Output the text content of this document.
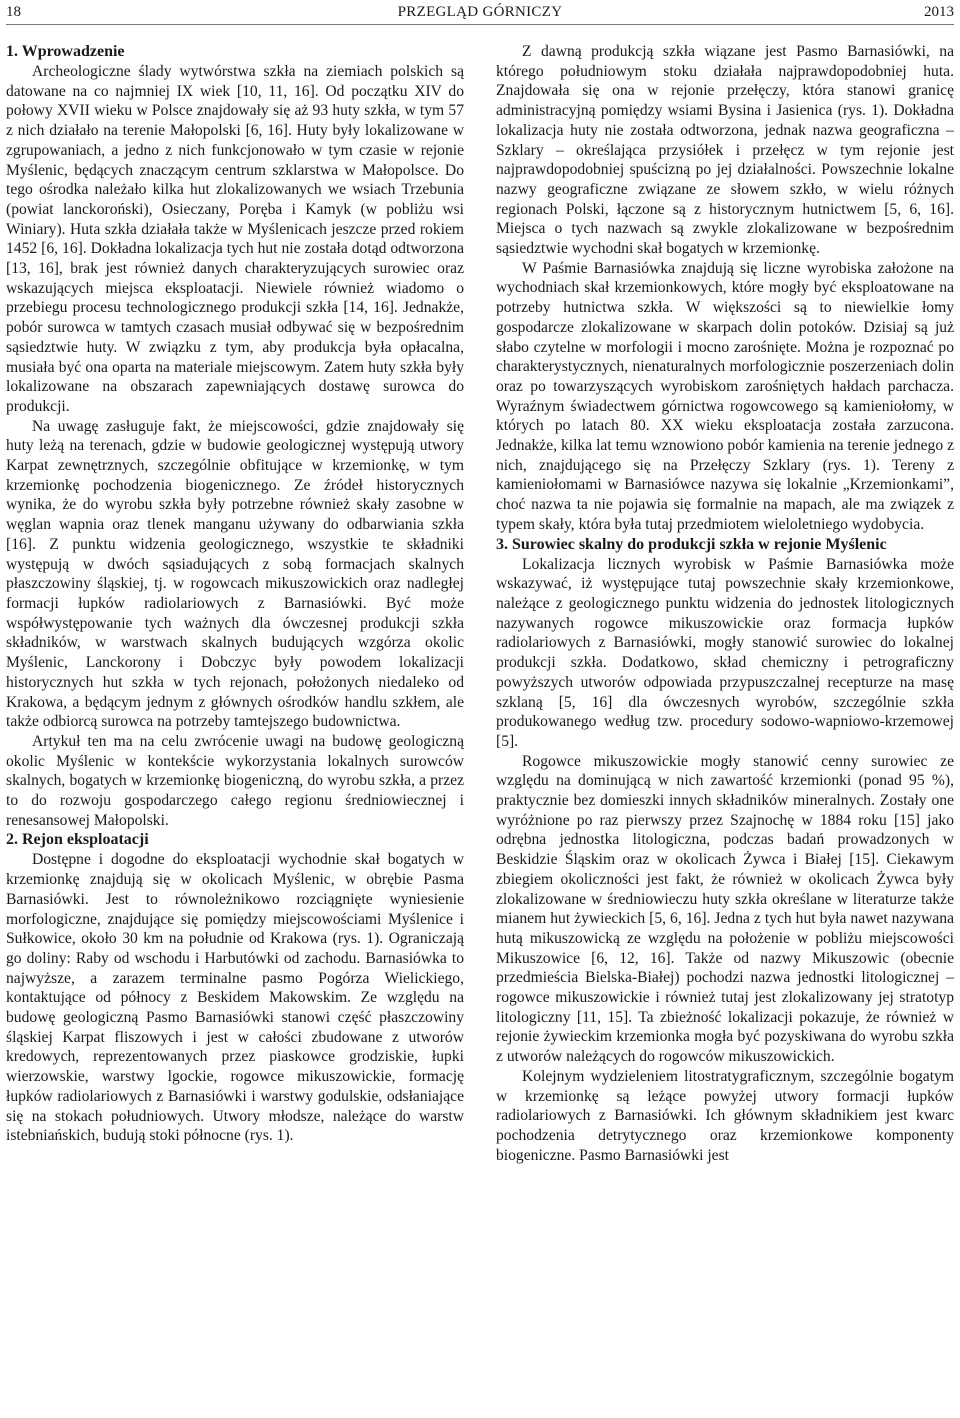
18	PRZEGLĄD GÓRNICZY	2013
1. Wprowadzenie

Archeologiczne ślady wytwórstwa szkła na ziemiach polskich są datowane na co najmniej IX wiek [10, 11, 16]. Od początku XIV do połowy XVII wieku w Polsce znajdowały się aż 93 huty szkła, w tym 57 z nich działało na terenie Małopolski [6, 16]. Huty były lokalizowane w zgrupowaniach, a jedno z nich funkcjonowało w tym czasie w rejonie Myślenic, będących znaczącym centrum szklarstwa w Małopolsce. Do tego ośrodka należało kilka hut zlokalizowanych we wsiach Trzebunia (powiat lanckoroński), Osieczany, Poręba i Kamyk (w pobliżu wsi Winiary). Huta szkła działała także w Myślenicach jeszcze przed rokiem 1452 [6, 16]. Dokładna lokalizacja tych hut nie została dotąd odtworzona [13, 16], brak jest również danych charakteryzujących surowiec oraz wskazujących miejsca eksploatacji. Niewiele również wiadomo o przebiegu procesu technologicznego produkcji szkła [14, 16]. Jednakże, pobór surowca w tamtych czasach musiał odbywać się w bezpośrednim sąsiedztwie huty. W związku z tym, aby produkcja była opłacalna, musiała być ona oparta na materiale miejscowym. Zatem huty szkła były lokalizowane na obszarach zapewniających dostawę surowca do produkcji.

Na uwagę zasługuje fakt, że miejscowości, gdzie znajdowały się huty leżą na terenach, gdzie w budowie geologicznej występują utwory Karpat zewnętrznych, szczególnie obfitujące w krzemionkę, w tym krzemionkę pochodzenia biogenicznego. Ze źródeł historycznych wynika, że do wyrobu szkła były potrzebne również skały zasobne w węglan wapnia oraz tlenek manganu używany do odbarwiania szkła [16]. Z punktu widzenia geologicznego, wszystkie te składniki występują w dwóch sąsiadujących z sobą formacjach skalnych płaszczowiny śląskiej, tj. w rogowcach mikuszowickich oraz nadległej formacji łupków radiolariowych z Barnasiówki. Być może współwystępowanie tych ważnych dla ówczesnej produkcji szkła składników, w warstwach skalnych budujących wzgórza okolic Myślenic, Lanckorony i Dobczyc były powodem lokalizacji historycznych hut szkła w tych rejonach, położonych niedaleko od Krakowa, a będącym jednym z głównych ośrodków handlu szkłem, ale także odbiorcą surowca na potrzeby tamtejszego budownictwa.

Artykuł ten ma na celu zwrócenie uwagi na budowę geologiczną okolic Myślenic w kontekście wykorzystania lokalnych surowców skalnych, bogatych w krzemionkę biogeniczną, do wyrobu szkła, a przez to do rozwoju gospodarczego całego regionu średniowiecznej i renesansowej Małopolski.

2. Rejon eksploatacji

Dostępne i dogodne do eksploatacji wychodnie skał bogatych w krzemionkę znajdują się w okolicach Myślenic, w obrębie Pasma Barnasiówki. Jest to równoleżnikowo rozciągnięte wyniesienie morfologiczne, znajdujące się pomiędzy miejscowościami Myślenice i Sułkowice, około 30 km na południe od Krakowa (rys. 1). Ograniczają go doliny: Raby od wschodu i Harbutówki od zachodu. Barnasiówka to najwyższe, a zarazem terminalne pasmo Pogórza Wielickiego, kontaktujące od północy z Beskidem Makowskim. Ze względu na budowę geologiczną Pasmo Barnasiówki stanowi część płaszczowiny śląskiej Karpat fliszowych i jest w całości zbudowane z utworów kredowych, reprezentowanych przez piaskowce grodziskie, łupki wierzowskie, warstwy lgockie, rogowce mikuszowickie, formację łupków radiolariowych z Barnasiówki i warstwy godulskie, odsłaniające się na stokach południowych. Utwory młodsze, należące do warstw istebniańskich, budują stoki północne (rys. 1).

Z dawną produkcją szkła wiązane jest Pasmo Barnasiówki, na którego południowym stoku działała najprawdopodobniej huta. Znajdowała się ona w rejonie przełęczy, która stanowi granicę administracyjną pomiędzy wsiami Bysina i Jasienica (rys. 1). Dokładna lokalizacja huty nie została odtworzona, jednak nazwa geograficzna – Szklary – określająca przysiółek i przełęcz w tym rejonie jest najprawdopodobniej spuścizną po jej działalności. Powszechnie lokalne nazwy geograficzne związane ze słowem szkło, w wielu różnych regionach Polski, łączone są z historycznym hutnictwem [5, 6, 16]. Miejsca o tych nazwach są zwykle zlokalizowane w bezpośrednim sąsiedztwie wychodni skał bogatych w krzemionkę.

W Paśmie Barnasiówka znajdują się liczne wyrobiska założone na wychodniach skał krzemionkowych, które mogły być eksploatowane na potrzeby hutnictwa szkła. W większości są to niewielkie łomy gospodarcze zlokalizowane w skarpach dolin potoków. Dzisiaj są już słabo czytelne w morfologii i mocno zarośnięte. Można je rozpoznać po charakterystycznych, nienaturalnych morfologicznie poszerzeniach dolin oraz po towarzyszących wyrobiskom zarośniętych hałdach parchacza. Wyraźnym świadectwem górnictwa rogowcowego są kamieniołomy, w których po latach 80. XX wieku eksploatacja została zarzucona. Jednakże, kilka lat temu wznowiono pobór kamienia na terenie jednego z nich, znajdującego się na Przełęczy Szklary (rys. 1). Tereny z kamieniołomami w Barnasiówce nazywa się lokalnie „Krzemionkami”, choć nazwa ta nie pojawia się formalnie na mapach, ale ma związek z typem skały, która była tutaj przedmiotem wieloletniego wydobycia.

3. Surowiec skalny do produkcji szkła w rejonie Myślenic

Lokalizacja licznych wyrobisk w Paśmie Barnasiówka może wskazywać, iż występujące tutaj powszechnie skały krzemionkowe, należące z geologicznego punktu widzenia do jednostek litologicznych nazywanych rogowce mikuszowickie oraz formacja łupków radiolariowych z Barnasiówki, mogły stanowić surowiec do lokalnej produkcji szkła. Dodatkowo, skład chemiczny i petrograficzny powyższych utworów odpowiada przypuszczalnej recepturze na masę szklaną [5, 16] dla ówczesnych wyrobów, szczególnie szkła produkowanego według tzw. procedury sodowo-wapniowo-krzemowej [5].

Rogowce mikuszowickie mogły stanowić cenny surowiec ze względu na dominującą w nich zawartość krzemionki (ponad 95 %), praktycznie bez domieszki innych składników mineralnych. Zostały one wyróżnione po raz pierwszy przez Szajnochę w 1884 roku [15] jako odrębna jednostka litologiczna, podczas badań prowadzonych w Beskidzie Śląskim oraz w okolicach Żywca i Białej [15]. Ciekawym zbiegiem okoliczności jest fakt, że również w okolicach Żywca były zlokalizowane w średniowieczu huty szkła określane w literaturze także mianem hut żywieckich [5, 6, 16]. Jedna z tych hut była nawet nazywana hutą mikuszowicką ze względu na położenie w pobliżu miejscowości Mikuszowice [6, 12, 16]. Także od nazwy Mikuszowic (obecnie przedmieścia Bielska-Białej) pochodzi nazwa jednostki litologicznej – rogowce mikuszowickie i również tutaj jest zlokalizowany jej stratotyp litologiczny [11, 15]. Ta zbieżność lokalizacji pokazuje, że również w rejonie żywieckim krzemionka mogła być pozyskiwana do wyrobu szkła z utworów należących do rogowców mikuszowickich.

Kolejnym wydzieleniem litostratygraficznym, szczególnie bogatym w krzemionkę są leżące powyżej utwory formacji łupków radiolariowych z Barnasiówki. Ich głównym składnikiem jest kwarc pochodzenia detrytycznego oraz krzemionkowe komponenty biogeniczne. Pasmo Barnasiówki jest
